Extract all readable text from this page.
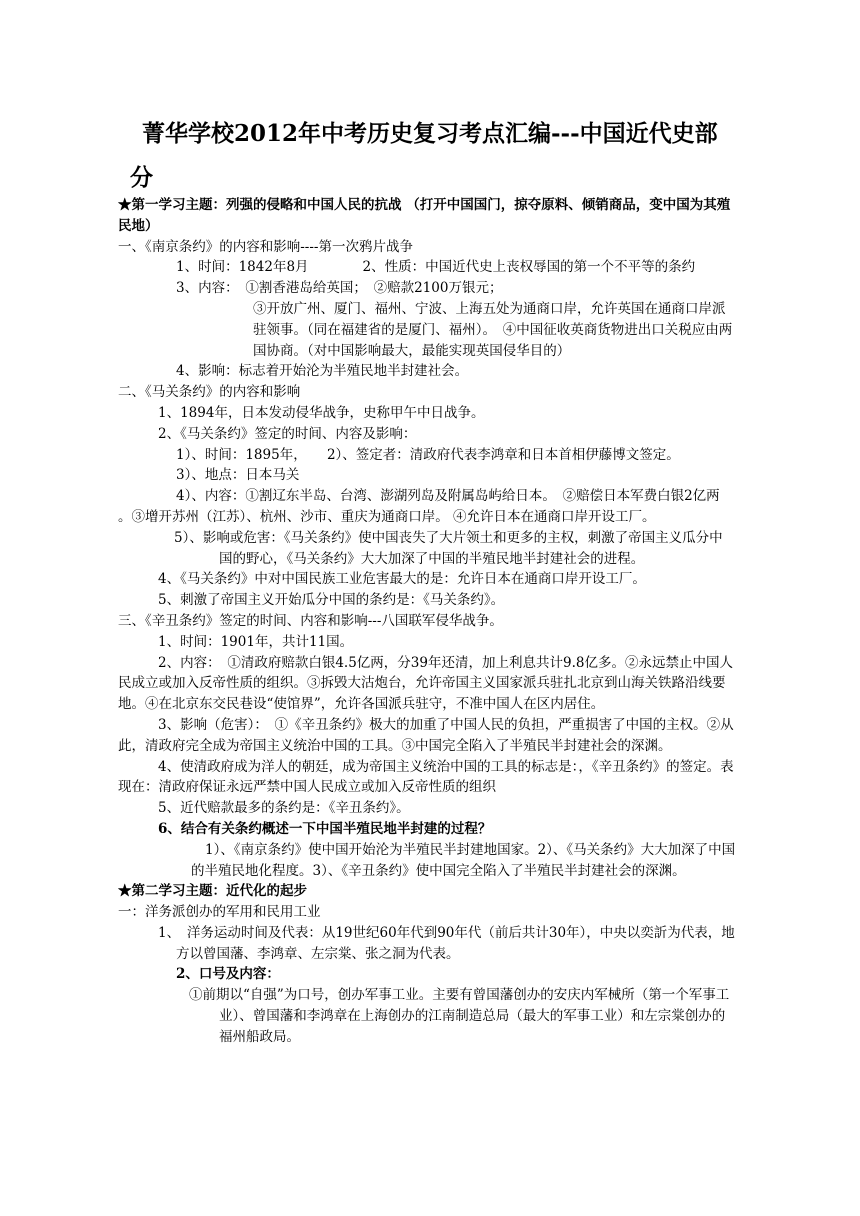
菁华学校2012年中考历史复习考点汇编---中国近代史部分

★第一学习主题：列强的侵略和中国人民的抗战 （打开中国国门，掠夺原料、倾销商品，变中国为其殖民地）

一、《南京条约》的内容和影响----第一次鸦片战争

1、时间：1842年8月　　　　2、性质：中国近代史上丧权辱国的第一个不平等的条约

3、内容：　①割香港岛给英国；　②赔款2100万银元；

③开放广州、厦门、福州、宁波、上海五处为通商口岸，允许英国在通商口岸派驻领事。（同在福建省的是厦门、福州）。　④中国征收英商货物进出口关税应由两国协商。（对中国影响最大，最能实现英国侵华目的）

4、影响：标志着开始沦为半殖民地半封建社会。

二、《马关条约》的内容和影响

1、1894年，日本发动侵华战争，史称甲午中日战争。

2、《马关条约》签定的时间、内容及影响：

1）、时间：1895年，　　2）、签定者：清政府代表李鸿章和日本首相伊藤博文签定。

3）、地点：日本马关

4）、内容：①割辽东半岛、台湾、澎湖列岛及附属岛屿给日本。　②赔偿日本军费白银2亿两 。③增开苏州（江苏）、杭州、沙市、重庆为通商口岸。 ④允许日本在通商口岸开设工厂。

5）、影响或危害：《马关条约》使中国丧失了大片领土和更多的主权，刺激了帝国主义瓜分中国的野心，《马关条约》大大加深了中国的半殖民地半封建社会的进程。

4、《马关条约》中对中国民族工业危害最大的是：允许日本在通商口岸开设工厂。

5、刺激了帝国主义开始瓜分中国的条约是：《马关条约》。

三、《辛丑条约》签定的时间、内容和影响---八国联军侵华战争。

1、时间：1901年，共计11国。

2、内容：　①清政府赔款白银4.5亿两，分39年还清，加上利息共计9.8亿多。②永远禁止中国人民成立或加入反帝性质的组织。③拆毁大沽炮台，允许帝国主义国家派兵驻扎北京到山海关铁路沿线要地。④在北京东交民巷设“使馆界”，允许各国派兵驻守，不准中国人在区内居住。

3、影响（危害）：　①《辛丑条约》极大的加重了中国人民的负担，严重损害了中国的主权。②从此，清政府完全成为帝国主义统治中国的工具。③中国完全陷入了半殖民半封建社会的深渊。

4、使清政府成为洋人的朝廷，成为帝国主义统治中国的工具的标志是：，《辛丑条约》的签定。表现在：清政府保证永远严禁中国人民成立或加入反帝性质的组织

5、近代赔款最多的条约是：《辛丑条约》。

6、结合有关条约概述一下中国半殖民地半封建的过程？

1）、《南京条约》使中国开始沦为半殖民半封建地国家。2）、《马关条约》大大加深了中国的半殖民地化程度。3）、《辛丑条约》使中国完全陷入了半殖民半封建社会的深渊。

★第二学习主题：近代化的起步

一：洋务派创办的军用和民用工业

1、　洋务运动时间及代表：从19世纪60年代到90年代（前后共计30年），中央以奕訢为代表，地方以曾国藩、李鸿章、左宗棠、张之洞为代表。

2、口号及内容：

①前期以“自强”为口号，创办军事工业。主要有曾国藩创办的安庆内军械所（第一个军事工业）、曾国藩和李鸿章在上海创办的江南制造总局（最大的军事工业）和左宗棠创办的福州船政局。
